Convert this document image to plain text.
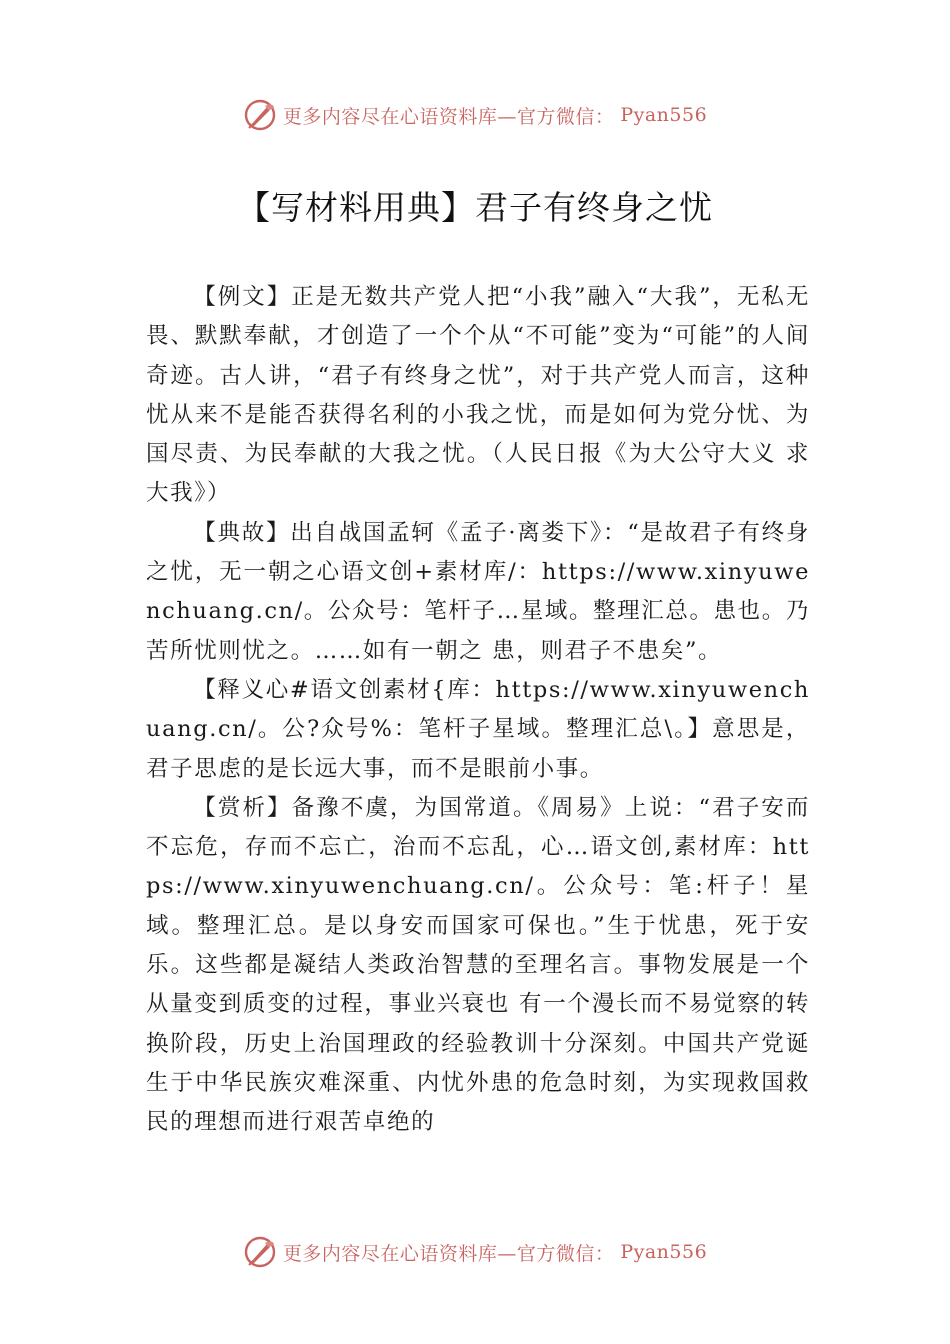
更多内容尽在心语资料库—官方微信： Pyan556
【写材料用典】君子有终身之忧

【例文】正是无数共产党人把“小我”融入“大我”，无私无畏、默默奉献，才创造了一个个从“不可能”变为“可能”的人间奇迹。古人讲，“君子有终身之忧”，对于共产党人而言，这种忧从来不是能否获得名利的小我之忧，而是如何为党分忧、为国尽责、为民奉献的大我之忧。（人民日报《为大公守大义 求大我》）

【典故】出自战国孟轲《孟子·离娄下》：“是故君子有终身之忧，无一朝之心语文创+素材库/：https://www.xinyuwenchuang.cn/。公众号：笔杆子…星域。整理汇总。患也。乃苦所忧则忧之。……如有一朝之 患，则君子不患矣”。

【释义心#语文创素材{库：https://www.xinyuwenchuang.cn/。公?众号%：笔杆子星域。整理汇总\。】意思是，君子思虑的是长远大事，而不是眼前小事。

【赏析】备豫不虞，为国常道。《周易》上说：“君子安而不忘危，存而不忘亡，治而不忘乱，心…语文创,素材库：https://www.xinyuwenchuang.cn/。公众号：笔:杆子！星域。整理汇总。是以身安而国家可保也。”生于忧患，死于安乐。这些都是凝结人类政治智慧的至理名言。事物发展是一个从量变到质变的过程，事业兴衰也 有一个漫长而不易觉察的转换阶段，历史上治国理政的经验教训十分深刻。中国共产党诞生于中华民族灾难深重、内忧外患的危急时刻，为实现救国救民的理想而进行艰苦卓绝的

更多内容尽在心语资料库—官方微信： Pyan556
